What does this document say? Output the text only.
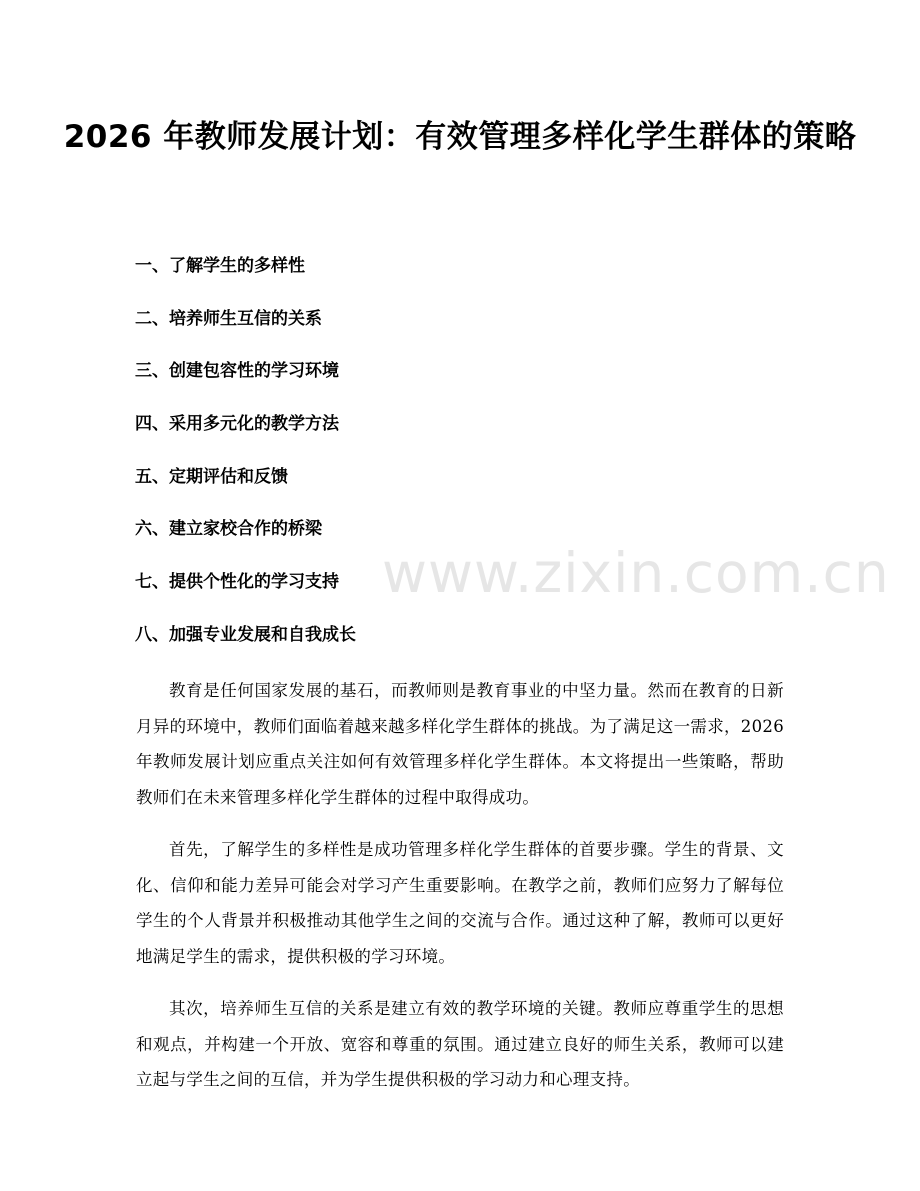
2026 年教师发展计划：有效管理多样化学生群体的策略
一、了解学生的多样性
二、培养师生互信的关系
三、创建包容性的学习环境
四、采用多元化的教学方法
五、定期评估和反馈
六、建立家校合作的桥梁
七、提供个性化的学习支持
八、加强专业发展和自我成长

教育是任何国家发展的基石，而教师则是教育事业的中坚力量。然而在教育的日新月异的环境中，教师们面临着越来越多样化学生群体的挑战。为了满足这一需求，2026 年教师发展计划应重点关注如何有效管理多样化学生群体。本文将提出一些策略，帮助教师们在未来管理多样化学生群体的过程中取得成功。

首先，了解学生的多样性是成功管理多样化学生群体的首要步骤。学生的背景、文化、信仰和能力差异可能会对学习产生重要影响。在教学之前，教师们应努力了解每位学生的个人背景并积极推动其他学生之间的交流与合作。通过这种了解，教师可以更好地满足学生的需求，提供积极的学习环境。

其次，培养师生互信的关系是建立有效的教学环境的关键。教师应尊重学生的思想和观点，并构建一个开放、宽容和尊重的氛围。通过建立良好的师生关系，教师可以建立起与学生之间的互信，并为学生提供积极的学习动力和心理支持。

www.zixin.com.cn
